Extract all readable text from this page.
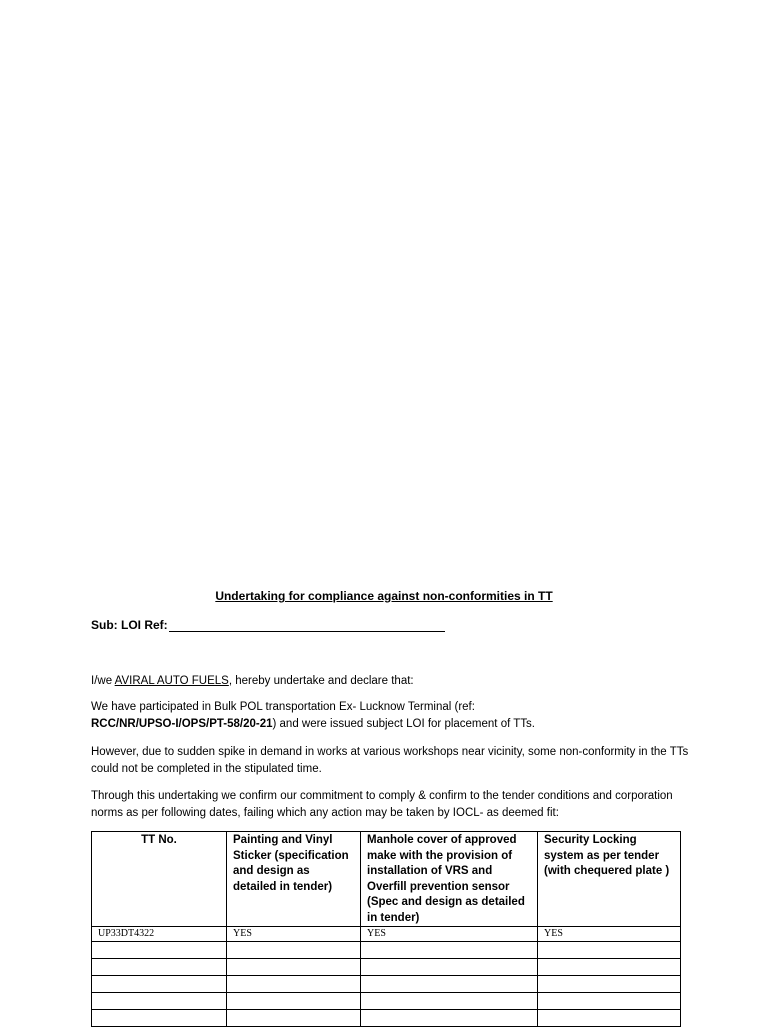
Undertaking for compliance against non-conformities in TT
Sub: LOI Ref:

I/we AVIRAL AUTO FUELS, hereby undertake and declare that:

We have participated in Bulk POL transportation Ex- Lucknow Terminal (ref:
RCC/NR/UPSO-I/OPS/PT-58/20-21) and were issued subject LOI for placement of TTs.

However, due to sudden spike in demand in works at various workshops near vicinity, some non-conformity in the TTs could not be completed in the stipulated time.

Through this undertaking we confirm our commitment to comply & confirm to the tender conditions and corporation norms as per following dates, failing which any action may be taken by IOCL- as deemed fit:

TT No.	Painting and Vinyl Sticker (specification and design as detailed in tender)	Manhole cover of approved make with the provision of installation of VRS and Overfill prevention sensor (Spec and design as detailed in tender)	Security Locking system as per tender (with chequered plate )
UP33DT4322	YES	YES	YES
